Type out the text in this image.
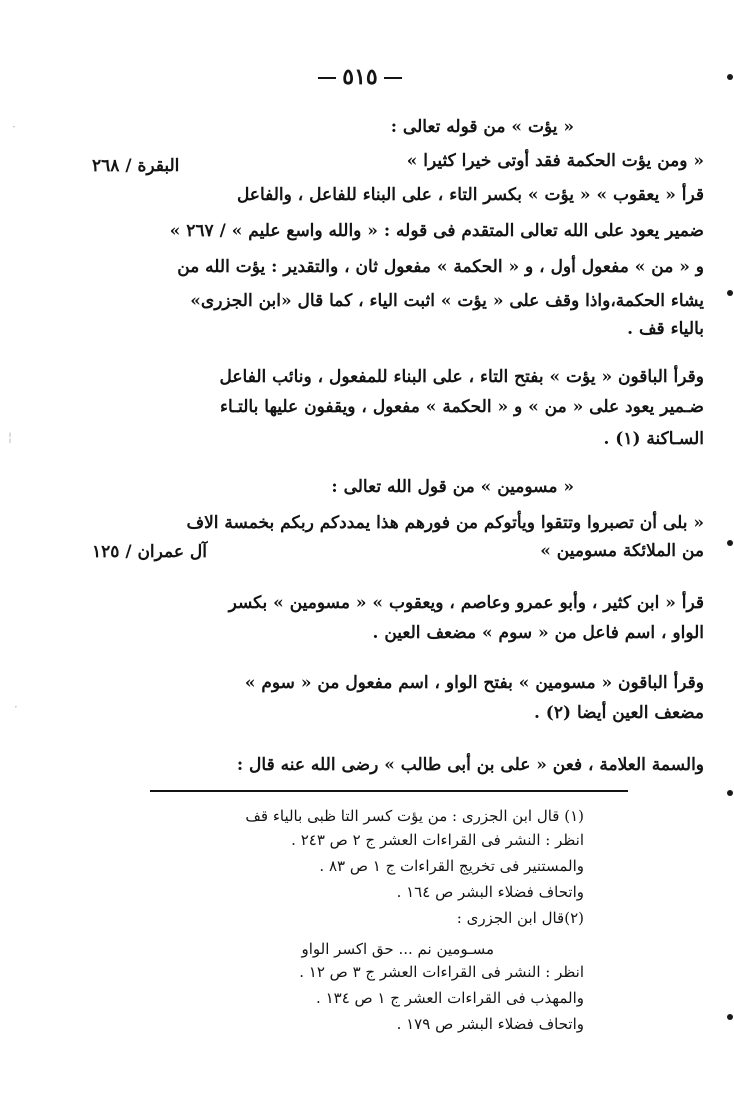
٥١٥
« يؤت » من قوله تعالى :
« ومن يؤت الحكمة فقد أوتى خيرا كثيرا »
البقرة / ٢٦٨
قرأ « يعقوب » « يؤت » بكسر التاء ، على البناء للفاعل ، والفاعل
ضمير يعود على الله تعالى المتقدم فى قوله : « والله واسع عليم » / ٢٦٧ »
و « من » مفعول أول ، و « الحكمة » مفعول ثان ، والتقدير : يؤت الله من
يشاء الحكمة،واذا وقف على « يؤت » اثبت الياء ، كما قال «ابن الجزرى»
بالياء قف .
وقرأ الباقون « يؤت » بفتح التاء ، على البناء للمفعول ، ونائب الفاعل
ضـمير يعود على « من » و « الحكمة » مفعول ، ويقفون عليها بالتـاء
السـاكنة (١) .
« مسومين » من قول الله تعالى :
« بلى أن تصبروا وتتقوا ويأتوكم من فورهم هذا يمددكم ربكم بخمسة الاف
من الملائكة مسومين »
آل عمران / ١٢٥
قرأ « ابن كثير ، وأبو عمرو وعاصم ، ويعقوب » « مسومين » بكسر
الواو ، اسم فاعل من « سوم » مضعف العين .
وقرأ الباقون « مسومين » بفتح الواو ، اسم مفعول من « سوم »
مضعف العين أيضا (٢) .
والسمة العلامة ، فعن « على بن أبى طالب » رضى الله عنه قال :
(١) قال ابن الجزرى : من يؤت كسر التا ظبى بالياء قف
انظر : النشر فى القراءات العشر ج ٢ ص ٢٤٣ .
والمستنير فى تخريج القراءات ج ١ ص ٨٣ .
واتحاف فضلاء البشر ص ١٦٤ .
(٢)قال ابن الجزرى :
مسـومين نم ... حق اكسر الواو
انظر : النشر فى القراءات العشر ج ٣ ص ١٢ .
والمهذب فى القراءات العشر ج ١ ص ١٣٤ .
واتحاف فضلاء البشر ص ١٧٩ .
·
¦
·
